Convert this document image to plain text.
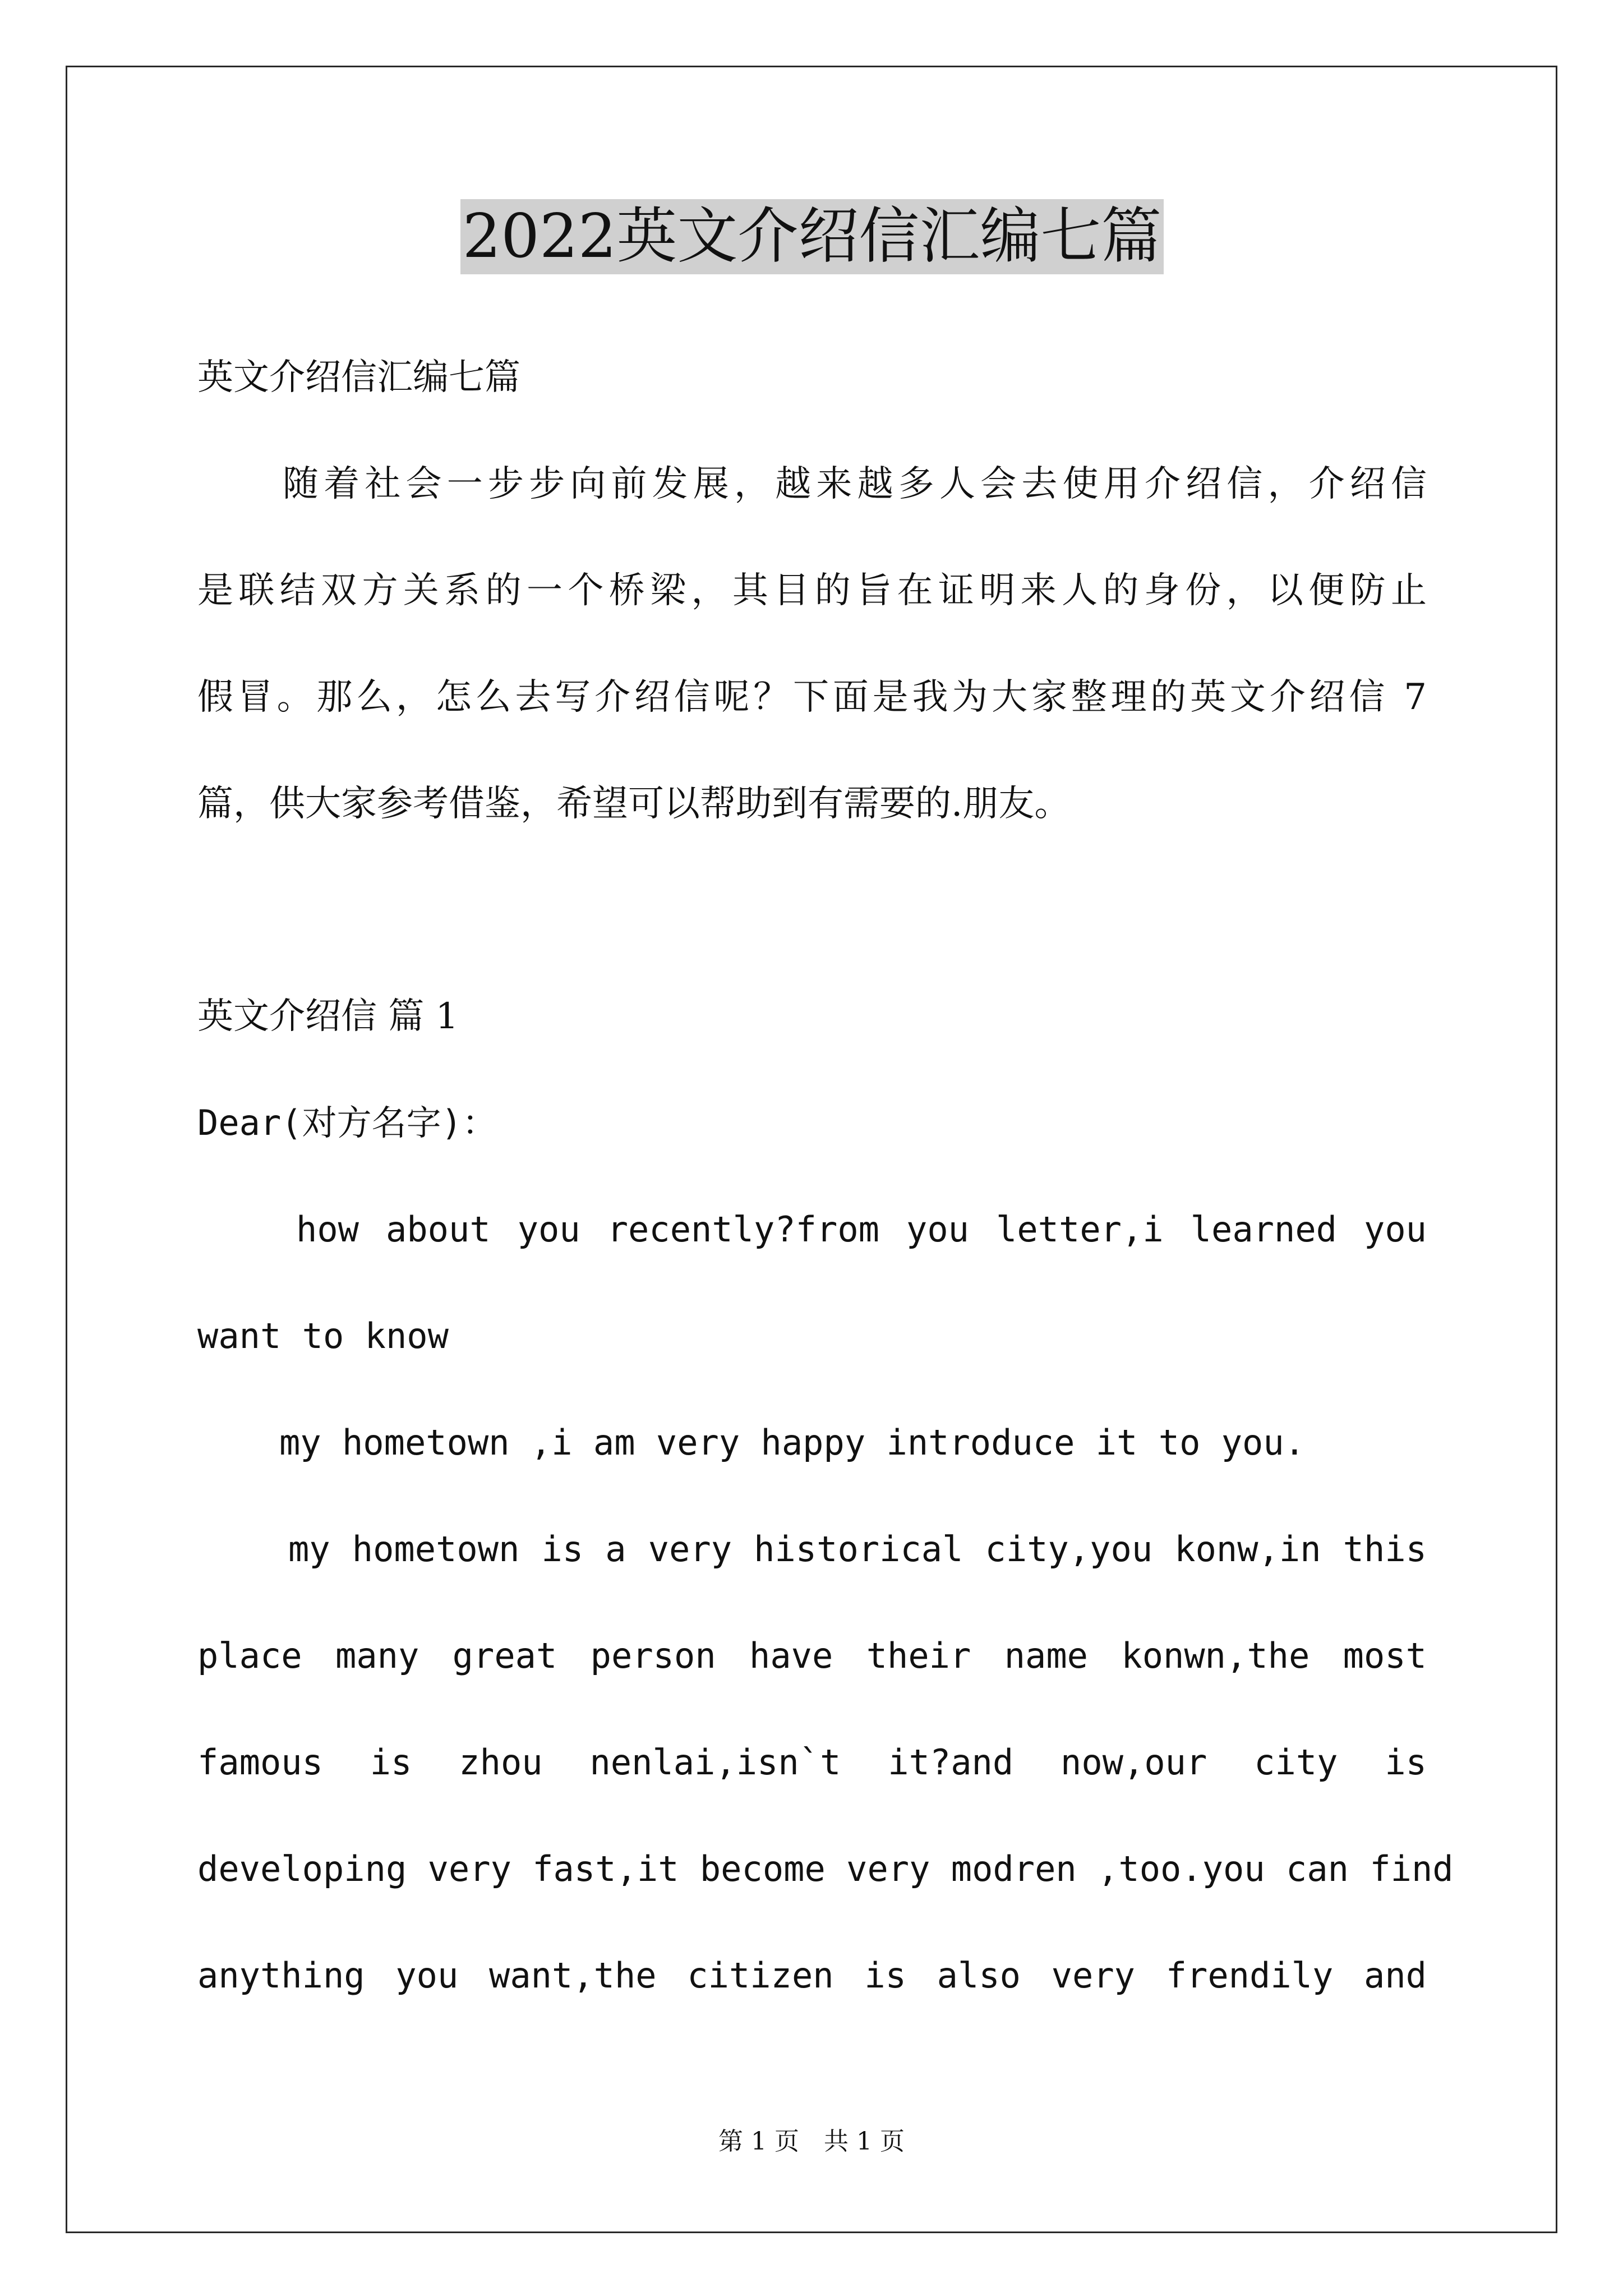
2022英文介绍信汇编七篇
英文介绍信汇编七篇
随着社会一步步向前发展，越来越多人会去使用介绍信，介绍信
是联结双方关系的一个桥梁，其目的旨在证明来人的身份，以便防止
假冒。那么，怎么去写介绍信呢？下面是我为大家整理的英文介绍信 7
篇，供大家参考借鉴，希望可以帮助到有需要的.朋友。
英文介绍信 篇 1
Dear(对方名字)：
how about you recently?from you letter,i learned you
want to know
my hometown ,i am very happy introduce it to you.
my hometown is a very historical city,you konw,in this
place many great person have their name konwn,the most
famous is zhou nenlai,isn`t it?and now,our city is
developing very fast,it become very modren ,too.you can find
anything you want,the citizen is also very frendily and
第 1 页 共 1 页
